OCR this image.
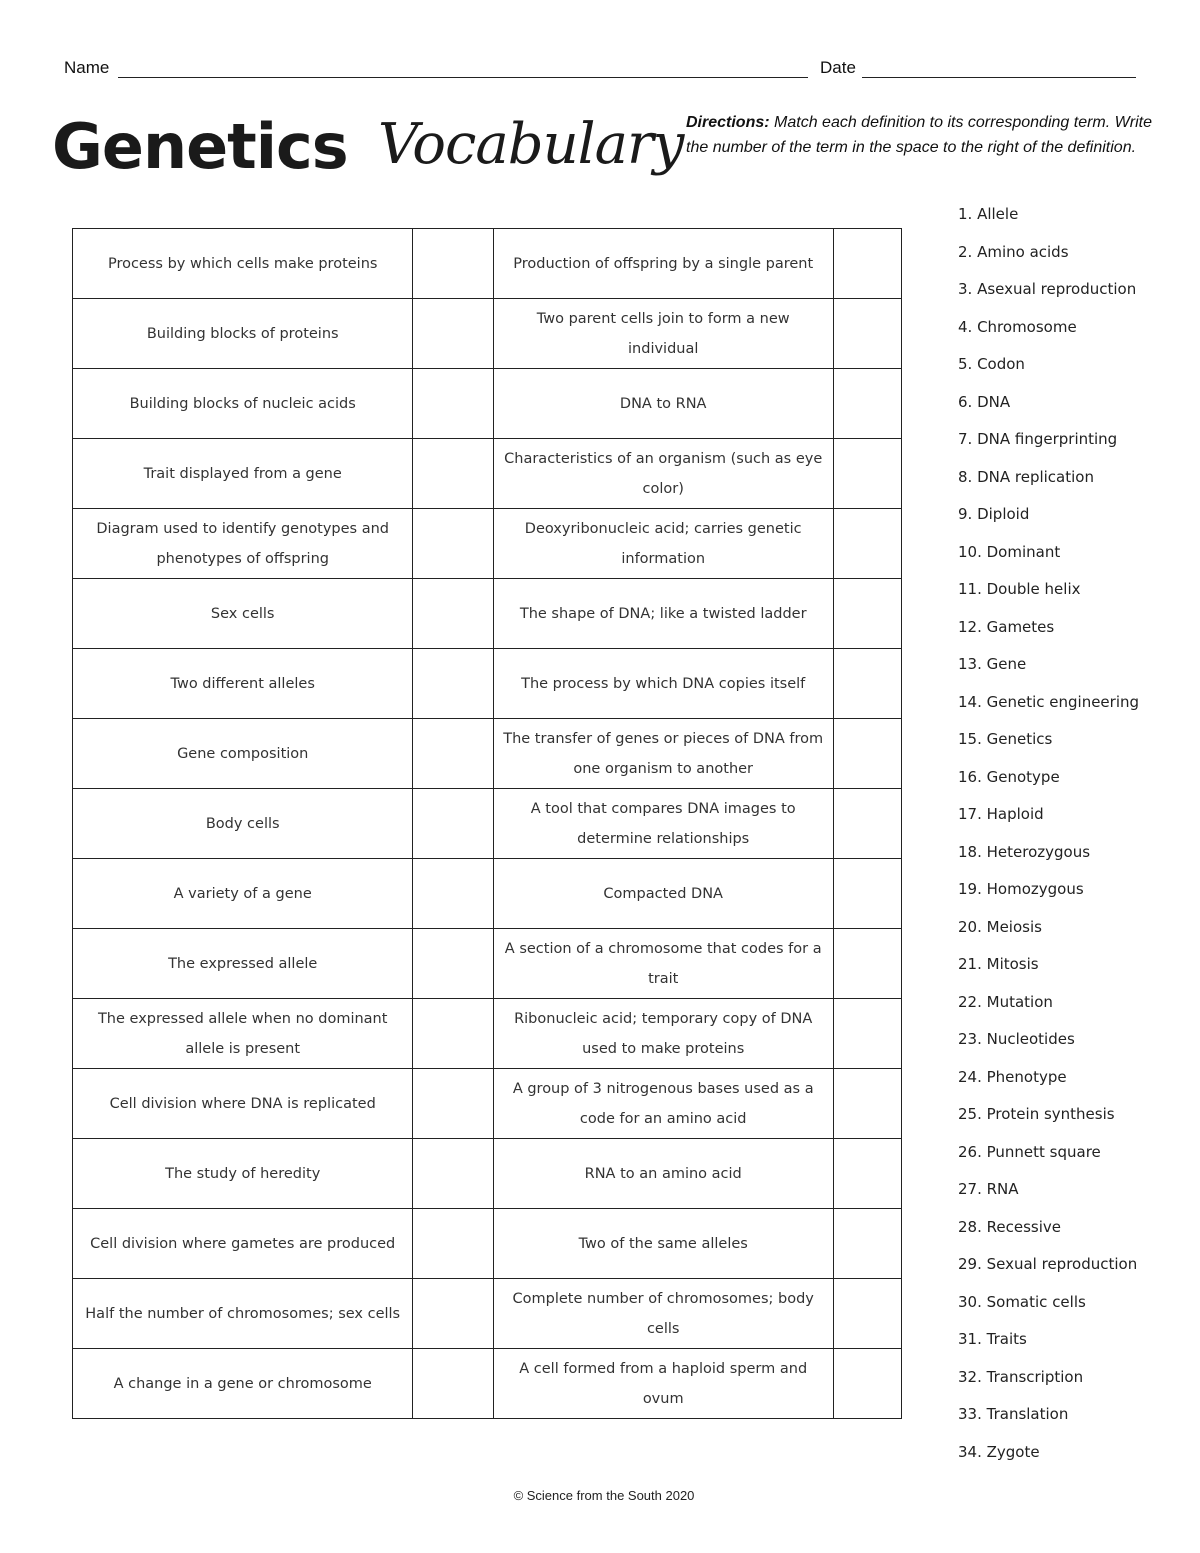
Name	Date
Genetics Vocabulary Directions: Match each definition to its corresponding term. Write the number of the term in the space to the right of the definition.
Process by which cells make proteins		Production of offspring by a single parent	
Building blocks of proteins		Two parent cells join to form a new individual	
Building blocks of nucleic acids		DNA to RNA	
Trait displayed from a gene		Characteristics of an organism (such as eye color)	
Diagram used to identify genotypes and phenotypes of offspring		Deoxyribonucleic acid; carries genetic information	
Sex cells		The shape of DNA; like a twisted ladder	
Two different alleles		The process by which DNA copies itself	
Gene composition		The transfer of genes or pieces of DNA from one organism to another	
Body cells		A tool that compares DNA images to determine relationships	
A variety of a gene		Compacted DNA	
The expressed allele		A section of a chromosome that codes for a trait	
The expressed allele when no dominant allele is present		Ribonucleic acid; temporary copy of DNA used to make proteins	
Cell division where DNA is replicated		A group of 3 nitrogenous bases used as a code for an amino acid	
The study of heredity		RNA to an amino acid	
Cell division where gametes are produced		Two of the same alleles	
Half the number of chromosomes; sex cells		Complete number of chromosomes; body cells	
A change in a gene or chromosome		A cell formed from a haploid sperm and ovum	
1. Allele
2. Amino acids
3. Asexual reproduction
4. Chromosome
5. Codon
6. DNA
7. DNA fingerprinting
8. DNA replication
9. Diploid
10. Dominant
11. Double helix
12. Gametes
13. Gene
14. Genetic engineering
15. Genetics
16. Genotype
17. Haploid
18. Heterozygous
19. Homozygous
20. Meiosis
21. Mitosis
22. Mutation
23. Nucleotides
24. Phenotype
25. Protein synthesis
26. Punnett square
27. RNA
28. Recessive
29. Sexual reproduction
30. Somatic cells
31. Traits
32. Transcription
33. Translation
34. Zygote
© Science from the South 2020
